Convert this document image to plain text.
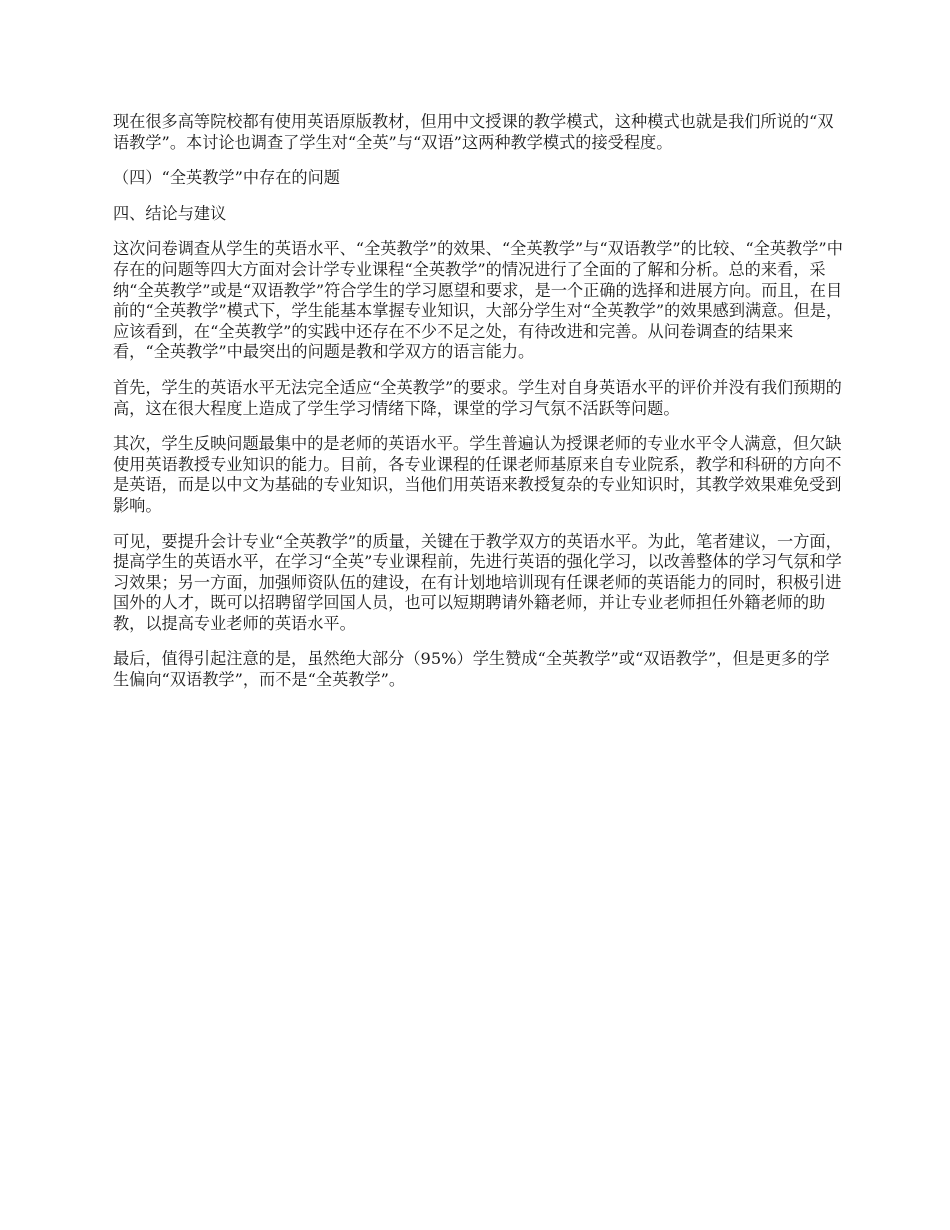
现在很多高等院校都有使用英语原版教材，但用中文授课的教学模式，这种模式也就是我们所说的“双语教学”。本讨论也调查了学生对“全英”与“双语”这两种教学模式的接受程度。

（四）“全英教学”中存在的问题

四、结论与建议

这次问卷调查从学生的英语水平、“全英教学”的效果、“全英教学”与“双语教学”的比较、“全英教学”中存在的问题等四大方面对会计学专业课程“全英教学”的情况进行了全面的了解和分析。总的来看，采纳“全英教学”或是“双语教学”符合学生的学习愿望和要求，是一个正确的选择和进展方向。而且，在目前的“全英教学”模式下，学生能基本掌握专业知识，大部分学生对“全英教学”的效果感到满意。但是，应该看到，在“全英教学”的实践中还存在不少不足之处，有待改进和完善。从问卷调查的结果来看，“全英教学”中最突出的问题是教和学双方的语言能力。

首先，学生的英语水平无法完全适应“全英教学”的要求。学生对自身英语水平的评价并没有我们预期的高，这在很大程度上造成了学生学习情绪下降，课堂的学习气氛不活跃等问题。

其次，学生反映问题最集中的是老师的英语水平。学生普遍认为授课老师的专业水平令人满意，但欠缺使用英语教授专业知识的能力。目前，各专业课程的任课老师基原来自专业院系，教学和科研的方向不是英语，而是以中文为基础的专业知识，当他们用英语来教授复杂的专业知识时，其教学效果难免受到影响。

可见，要提升会计专业“全英教学”的质量，关键在于教学双方的英语水平。为此，笔者建议，一方面，提高学生的英语水平，在学习“全英”专业课程前，先进行英语的强化学习，以改善整体的学习气氛和学习效果；另一方面，加强师资队伍的建设，在有计划地培训现有任课老师的英语能力的同时，积极引进国外的人才，既可以招聘留学回国人员，也可以短期聘请外籍老师，并让专业老师担任外籍老师的助教，以提高专业老师的英语水平。

最后，值得引起注意的是，虽然绝大部分（95%）学生赞成“全英教学”或“双语教学”，但是更多的学生偏向“双语教学”，而不是“全英教学”。
